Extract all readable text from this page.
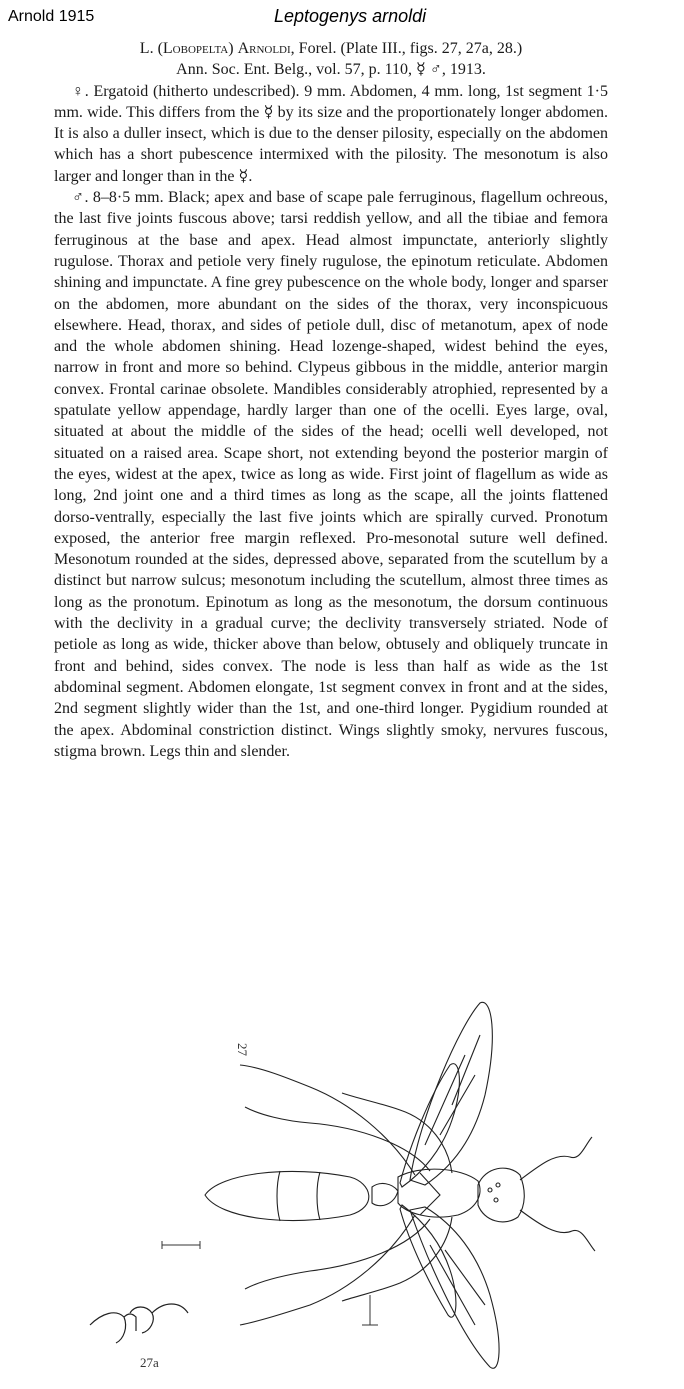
Arnold 1915	Leptogenys arnoldi

L. (Lobopelta) Arnoldi, Forel. (Plate III., figs. 27, 27a, 28.)

Ann. Soc. Ent. Belg., vol. 57, p. 110, ☿ ♂, 1913.

♀. Ergatoid (hitherto undescribed). 9 mm. Abdomen, 4 mm. long, 1st segment 1·5 mm. wide. This differs from the ☿ by its size and the proportionately longer abdomen. It is also a duller insect, which is due to the denser pilosity, especially on the abdomen which has a short pubescence intermixed with the pilosity. The mesonotum is also larger and longer than in the ☿.

♂. 8–8·5 mm. Black; apex and base of scape pale ferruginous, flagellum ochreous, the last five joints fuscous above; tarsi reddish yellow, and all the tibiae and femora ferruginous at the base and apex. Head almost impunctate, anteriorly slightly rugulose. Thorax and petiole very finely rugulose, the epinotum reticulate. Abdomen shining and impunctate. A fine grey pubescence on the whole body, longer and sparser on the abdomen, more abundant on the sides of the thorax, very inconspicuous elsewhere. Head, thorax, and sides of petiole dull, disc of metanotum, apex of node and the whole abdomen shining. Head lozenge-shaped, widest behind the eyes, narrow in front and more so behind. Clypeus gibbous in the middle, anterior margin convex. Frontal carinae obsolete. Mandibles considerably atrophied, represented by a spatulate yellow appendage, hardly larger than one of the ocelli. Eyes large, oval, situated at about the middle of the sides of the head; ocelli well developed, not situated on a raised area. Scape short, not extending beyond the posterior margin of the eyes, widest at the apex, twice as long as wide. First joint of flagellum as wide as long, 2nd joint one and a third times as long as the scape, all the joints flattened dorso-ventrally, especially the last five joints which are spirally curved. Pronotum exposed, the anterior free margin reflexed. Pro-mesonotal suture well defined. Mesonotum rounded at the sides, depressed above, separated from the scutellum by a distinct but narrow sulcus; mesonotum including the scutellum, almost three times as long as the pronotum. Epinotum as long as the mesonotum, the dorsum continuous with the declivity in a gradual curve; the declivity transversely striated. Node of petiole as long as wide, thicker above than below, obtusely and obliquely truncate in front and behind, sides convex. The node is less than half as wide as the 1st abdominal segment. Abdomen elongate, 1st segment convex in front and at the sides, 2nd segment slightly wider than the 1st, and one-third longer. Pygidium rounded at the apex. Abdominal constriction distinct. Wings slightly smoky, nervures fuscous, stigma brown. Legs thin and slender.

27
27a
